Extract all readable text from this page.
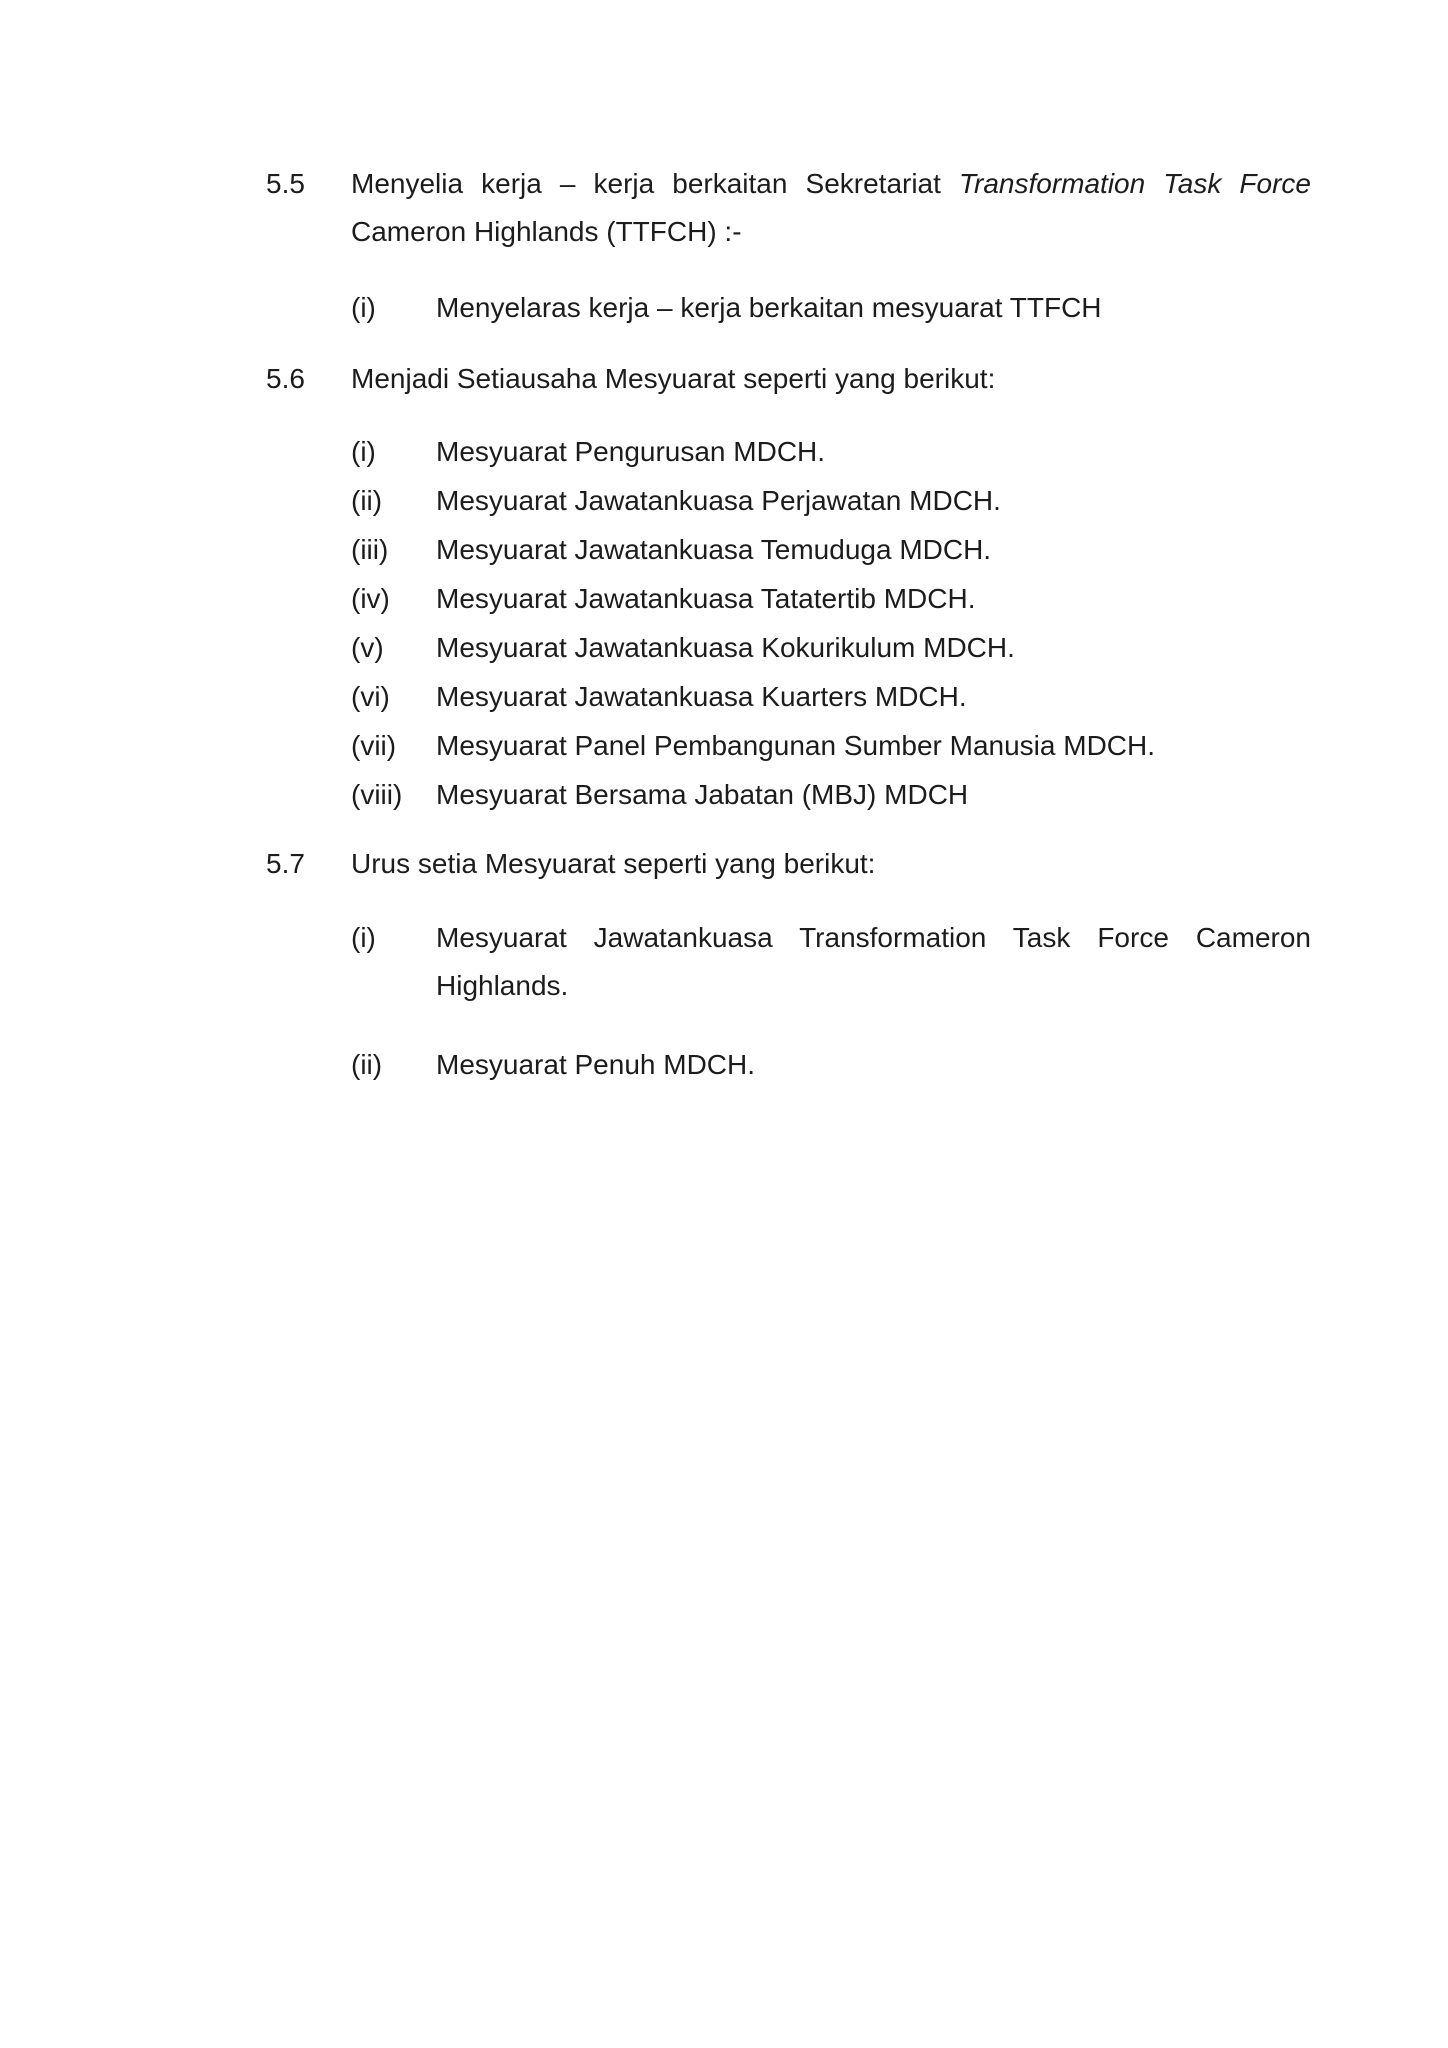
5.5 Menyelia kerja – kerja berkaitan Sekretariat Transformation Task Force
Cameron Highlands (TTFCH) :-
(i) Menyelaras kerja – kerja berkaitan mesyuarat TTFCH
5.6 Menjadi Setiausaha Mesyuarat seperti yang berikut:
(i) Mesyuarat Pengurusan MDCH.
(ii) Mesyuarat Jawatankuasa Perjawatan MDCH.
(iii) Mesyuarat Jawatankuasa Temuduga MDCH.
(iv) Mesyuarat Jawatankuasa Tatatertib MDCH.
(v) Mesyuarat Jawatankuasa Kokurikulum MDCH.
(vi) Mesyuarat Jawatankuasa Kuarters MDCH.
(vii) Mesyuarat Panel Pembangunan Sumber Manusia MDCH.
(viii) Mesyuarat Bersama Jabatan (MBJ) MDCH
5.7 Urus setia Mesyuarat seperti yang berikut:
(i) Mesyuarat Jawatankuasa Transformation Task Force Cameron
Highlands.
(ii) Mesyuarat Penuh MDCH.
